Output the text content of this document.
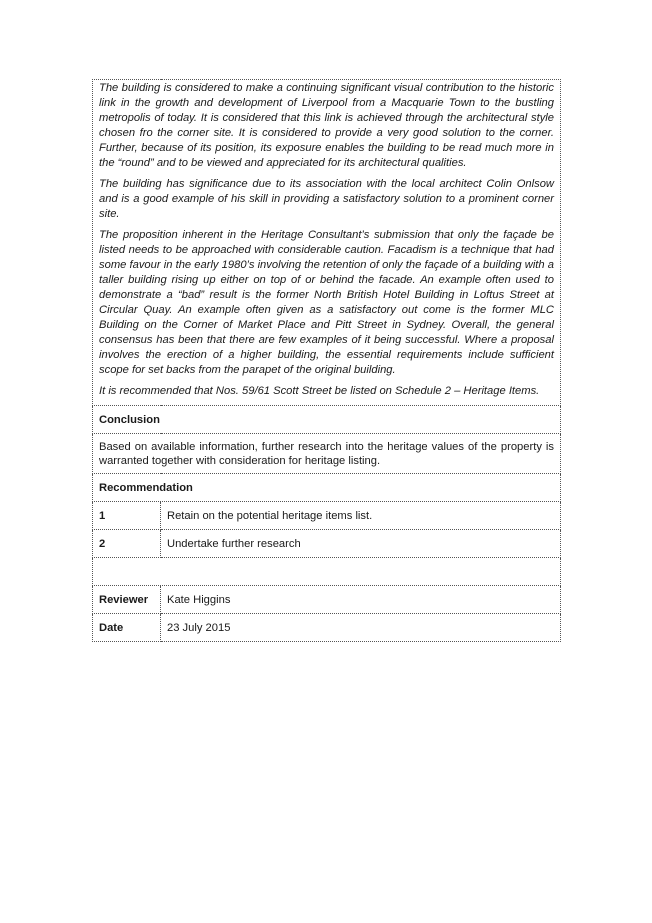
The building is considered to make a continuing significant visual contribution to the historic link in the growth and development of Liverpool from a Macquarie Town to the bustling metropolis of today. It is considered that this link is achieved through the architectural style chosen fro the corner site. It is considered to provide a very good solution to the corner. Further, because of its position, its exposure enables the building to be read much more in the “round” and to be viewed and appreciated for its architectural qualities.

The building has significance due to its association with the local architect Colin Onlsow and is a good example of his skill in providing a satisfactory solution to a prominent corner site.

The proposition inherent in the Heritage Consultant’s submission that only the façade be listed needs to be approached with considerable caution. Facadism is a technique that had some favour in the early 1980’s involving the retention of only the façade of a building with a taller building rising up either on top of or behind the facade. An example often used to demonstrate a “bad” result is the former North British Hotel Building in Loftus Street at Circular Quay. An example often given as a satisfactory out come is the former MLC Building on the Corner of Market Place and Pitt Street in Sydney. Overall, the general consensus has been that there are few examples of it being successful. Where a proposal involves the erection of a higher building, the essential requirements include sufficient scope for set backs from the parapet of the original building.

It is recommended that Nos. 59/61 Scott Street be listed on Schedule 2 – Heritage Items.	

Conclusion	
Based on available information, further research into the heritage values of the property is warranted together with consideration for heritage listing.	
Recommendation	
1	Retain on the potential heritage items list.
2	Undertake further research

Reviewer	Kate Higgins
Date	23 July 2015
